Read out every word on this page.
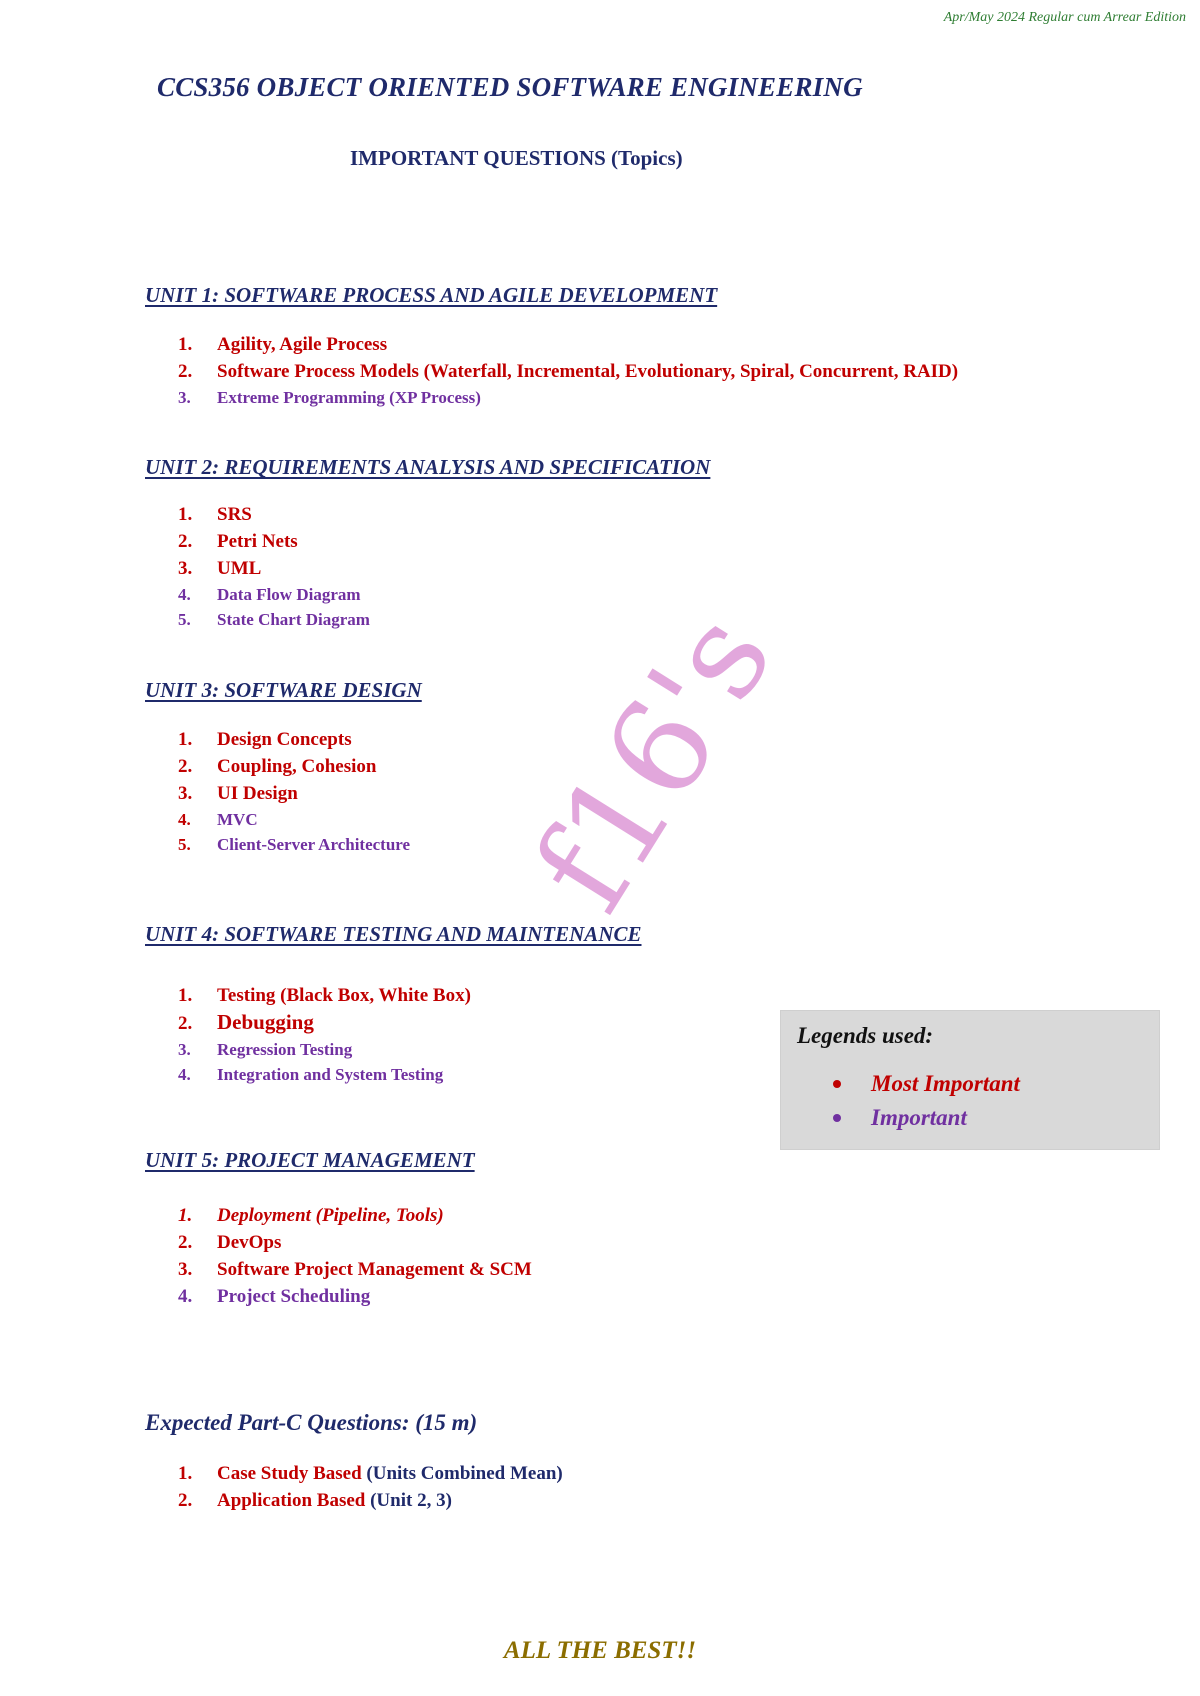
Apr/May 2024 Regular cum Arrear Edition
CCS356 OBJECT ORIENTED SOFTWARE ENGINEERING
IMPORTANT QUESTIONS (Topics)
UNIT 1: SOFTWARE PROCESS AND AGILE DEVELOPMENT
1.	Agility, Agile Process
2.	Software Process Models (Waterfall, Incremental, Evolutionary, Spiral, Concurrent, RAID)
3.	Extreme Programming (XP Process)
UNIT 2: REQUIREMENTS ANALYSIS AND SPECIFICATION
1.	SRS
2.	Petri Nets
3.	UML
4.	Data Flow Diagram
5.	State Chart Diagram
UNIT 3: SOFTWARE DESIGN
1.	Design Concepts
2.	Coupling, Cohesion
3.	UI Design
4.	MVC
5.	Client-Server Architecture
UNIT 4: SOFTWARE TESTING AND MAINTENANCE
1.	Testing (Black Box, White Box)
2.	Debugging
3.	Regression Testing
4.	Integration and System Testing
UNIT 5: PROJECT MANAGEMENT
1.	Deployment (Pipeline, Tools)
2.	DevOps
3.	Software Project Management & SCM
4.	Project Scheduling
Legends used:
Most Important
Important
Expected Part-C Questions: (15 m)
1.	Case Study Based
(Units Combined Mean)
2.	Application Based
(Unit 2, 3)
ALL THE BEST!!
f16's
